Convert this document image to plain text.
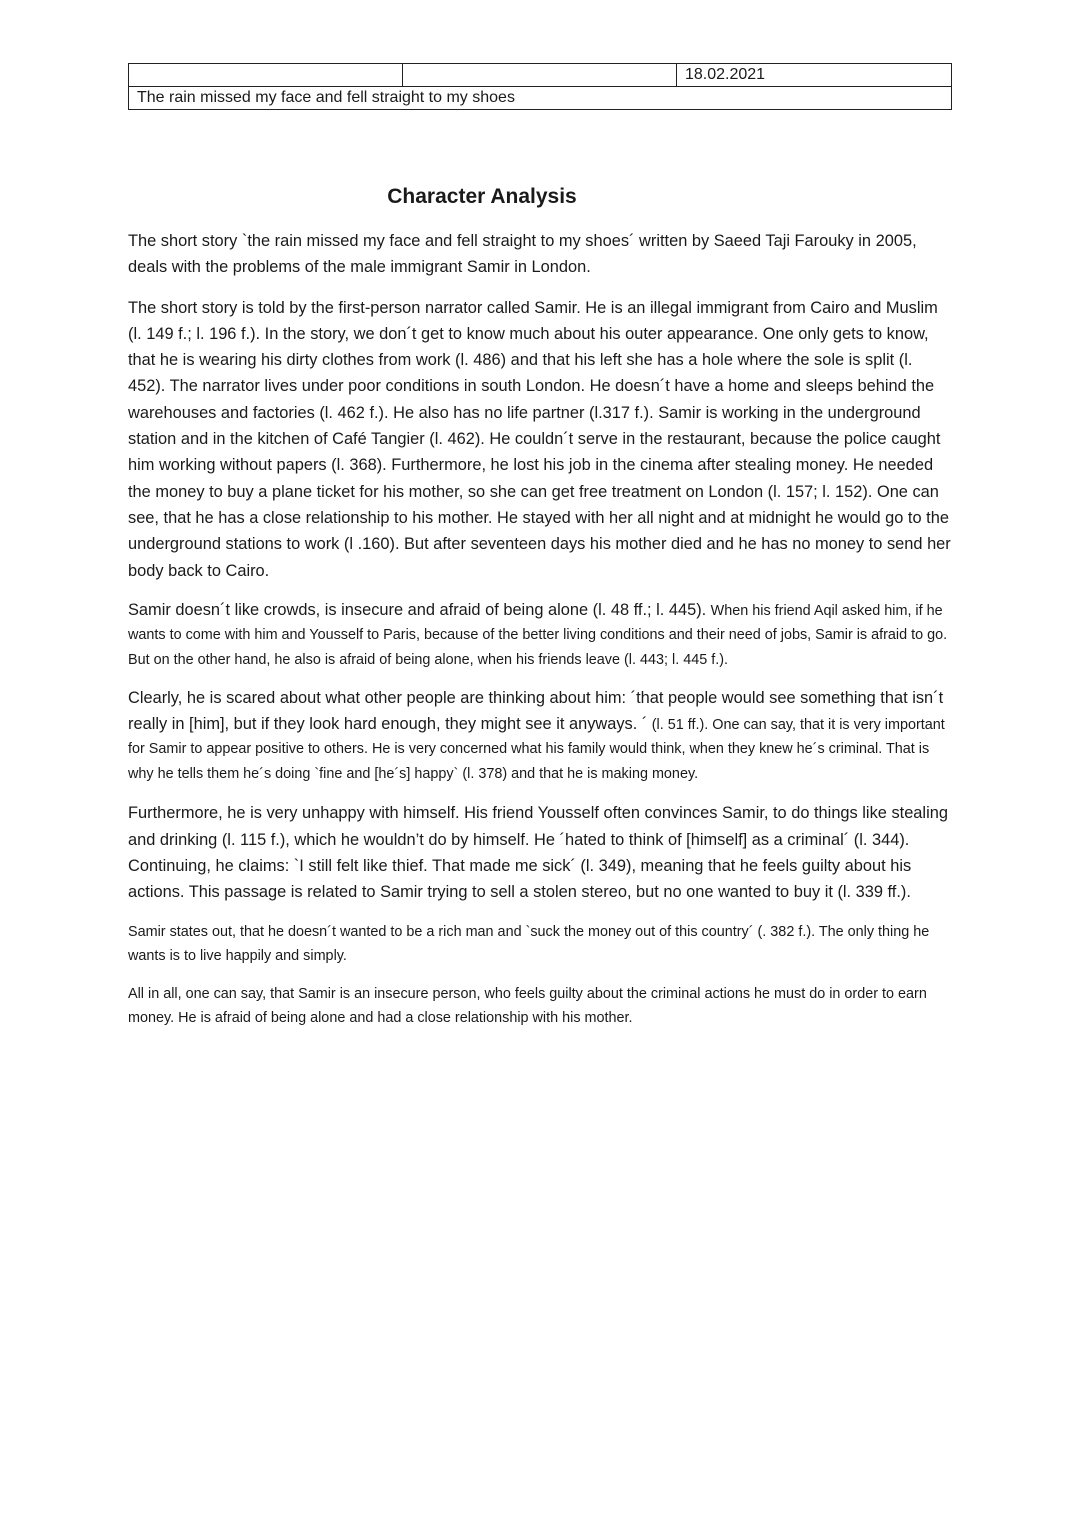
		18.02.2021
The rain missed my face and fell straight to my shoes
Character Analysis

The short story `the rain missed my face and fell straight to my shoes´ written by Saeed Taji Farouky in 2005, deals with the problems of the male immigrant Samir in London.

The short story is told by the first-person narrator called Samir. He is an illegal immigrant from Cairo and Muslim (l. 149 f.; l. 196 f.). In the story, we don´t get to know much about his outer appearance. One only gets to know, that he is wearing his dirty clothes from work (l. 486) and that his left she has a hole where the sole is split (l. 452). The narrator lives under poor conditions in south London. He doesn´t have a home and sleeps behind the warehouses and factories (l. 462 f.). He also has no life partner (l.317 f.). Samir is working in the underground station and in the kitchen of Café Tangier (l. 462). He couldn´t serve in the restaurant, because the police caught him working without papers (l. 368). Furthermore, he lost his job in the cinema after stealing money. He needed the money to buy a plane ticket for his mother, so she can get free treatment on London (l. 157; l. 152). One can see, that he has a close relationship to his mother. He stayed with her all night and at midnight he would go to the underground stations to work (l .160). But after seventeen days his mother died and he has no money to send her body back to Cairo.

Samir doesn´t like crowds, is insecure and afraid of being alone (l. 48 ff.; l. 445). When his friend Aqil asked him, if he wants to come with him and Yousself to Paris, because of the better living conditions and their need of jobs, Samir is afraid to go. But on the other hand, he also is afraid of being alone, when his friends leave (l. 443; l. 445 f.).

Clearly, he is scared about what other people are thinking about him: ´that people would see something that isn´t really in [him], but if they look hard enough, they might see it anyways. ´ (l. 51 ff.). One can say, that it is very important for Samir to appear positive to others. He is very concerned what his family would think, when they knew he´s criminal. That is why he tells them he´s doing `fine and [he´s] happy` (l. 378) and that he is making money.

Furthermore, he is very unhappy with himself. His friend Yousself often convinces Samir, to do things like stealing and drinking (l. 115 f.), which he wouldn’t do by himself. He ´hated to think of [himself] as a criminal´ (l. 344). Continuing, he claims: `I still felt like thief. That made me sick´ (l. 349), meaning that he feels guilty about his actions. This passage is related to Samir trying to sell a stolen stereo, but no one wanted to buy it (l. 339 ff.).

Samir states out, that he doesn´t wanted to be a rich man and `suck the money out of this country´ (. 382 f.). The only thing he wants is to live happily and simply.

All in all, one can say, that Samir is an insecure person, who feels guilty about the criminal actions he must do in order to earn money. He is afraid of being alone and had a close relationship with his mother.
